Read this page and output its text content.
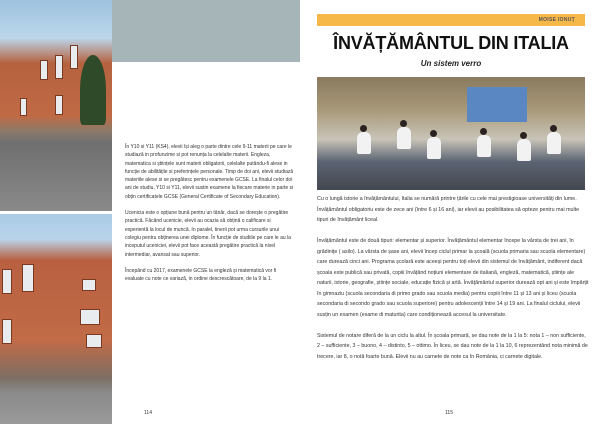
În Y10 si Y11 (KS4), elevii își aleg o parte dintre cele 9-11 materii pe care le studiază in profunzime si pot renunța la celelalte materii. Engleza, matematica si științele sunt materii obligatorii, celelalte putându-fi alese in funcție de abilitățile si preferințele personale. Timp de doi ani, elevii studiază materiile alese si se pregătesc pentru examenele GCSE. La finalul celor doi ani de studiu, Y10 si Y11, elevii sustin examene la fiecare materie in parte si obțin certificatele GCSE (General Certificate of Secondary Education).

Ucenicia este o opțiune bună pentru un tânăr, dacă se dorește o pregătire practică. Făcând ucenicie, elevii au ocazia să obțină o calificare si experientă la locul de muncă. In paralel, tinerii pot urma cursurile unui colegiu pentru obținerea unei diplome. În funcție de studiile pe care le au la inceputul uceniciei, elevii pot face această pregătire practică la nivel intermediar, avansat sau superior.

Începând cu 2017, examenele GCSE la engleză și matematică vor fi evaluate cu note ce variază, in ordine descrescătoare, de la 9 la 1.

114
MOISE IONUȚ
ÎNVĂȚĂMÂNTUL DIN ITALIA
Un sistem verro

Cu o lungă istorie a învățământului, Italia se numără printre țările cu cele mai prestigioase universități din lume. Învățământul obligatoriu este de zece ani (între 6 și 16 ani), iar elevii au posibilitatea să opteze pentru mai multe tipuri de învățământ liceal.

Învățământul este de două tipuri: elementar și superior. Învățământul elementar începe la vârsta de trei ani, în grădinițe ( asilo). La vârsta de șase ani, elevii încep ciclul primar la școală (scuola primaria sau scuola elementare) care durează cinci ani. Programa școlară este aceeși pentru toți elevii din sistemul de învățământ, indiferent dacă școala este publică sau privată, copiii învățând noțiuni elementare de italiană, engleză, matematică, științe ale naturii, istorie, geografie, științe sociale, educație fizică și artă. Învățământul superior durează opt ani și este împărțit în gimnaziu (scuola secondaria di primo grado sau scuola media) pentru copiii între 11 și 13 ani și liceu (scuola secondaria di secondo grado sau scuola superiore) pentru adolescenții între 14 și 19 ani. La finalul ciclului, elevii susțin un examen (esame di maturita) care condiționează accesul la universitate.

Sistemul de notare diferă de la un ciclu la altul. În școala primară, se dau note de la 1 la 5: nota 1 – non sufficiente, 2 – sufficiente, 3 – buono, 4 – distinto, 5 – ottimo. În liceu, se dau note de la 1 la 10, 6 reprezentând nota minimă de trecere, iar 8, o notă foarte bună. Elevii nu au carnete de note ca în România, ci carnete digitale.

115
